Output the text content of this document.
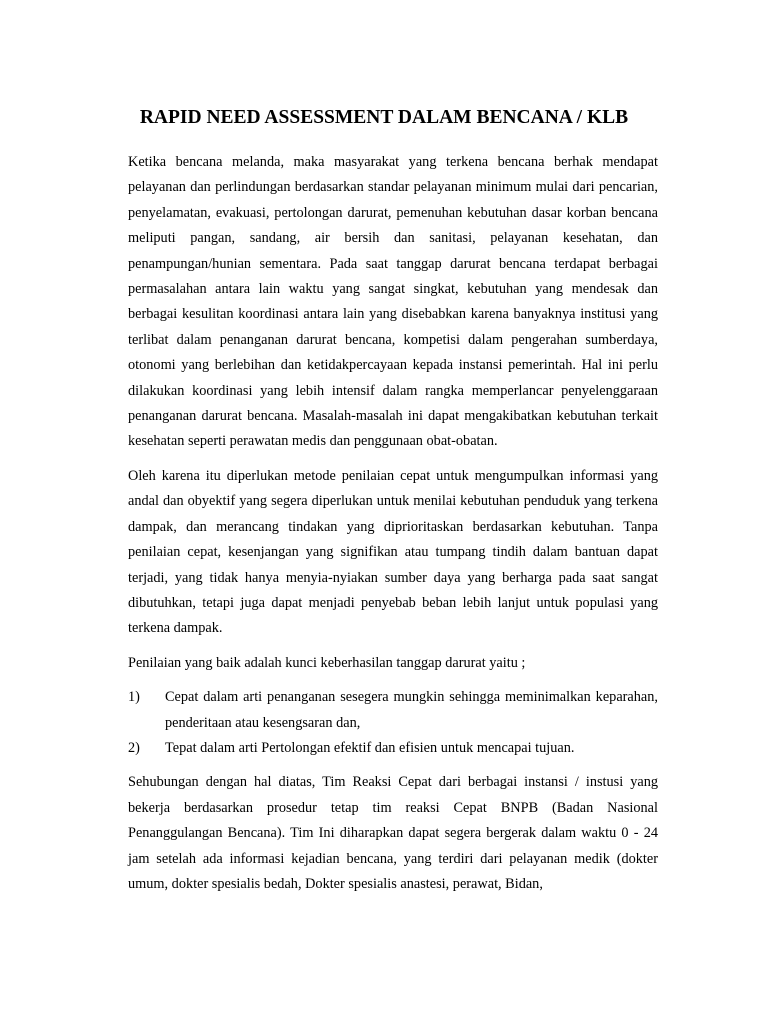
RAPID NEED ASSESSMENT DALAM BENCANA / KLB

Ketika bencana melanda, maka masyarakat yang terkena bencana berhak mendapat pelayanan dan perlindungan berdasarkan standar pelayanan minimum mulai dari pencarian, penyelamatan, evakuasi, pertolongan darurat, pemenuhan kebutuhan dasar korban bencana meliputi pangan, sandang, air bersih dan sanitasi, pelayanan kesehatan, dan penampungan/hunian sementara. Pada saat tanggap darurat bencana terdapat berbagai permasalahan antara lain waktu yang sangat singkat, kebutuhan yang mendesak dan berbagai kesulitan koordinasi antara lain yang disebabkan karena banyaknya institusi yang terlibat dalam penanganan darurat bencana, kompetisi dalam pengerahan sumberdaya, otonomi yang berlebihan dan ketidakpercayaan kepada instansi pemerintah. Hal ini perlu dilakukan koordinasi yang lebih intensif dalam rangka memperlancar penyelenggaraan penanganan darurat bencana. Masalah-masalah ini dapat mengakibatkan kebutuhan terkait kesehatan seperti perawatan medis dan penggunaan obat-obatan.

Oleh karena itu diperlukan metode penilaian cepat untuk mengumpulkan informasi yang andal dan obyektif yang segera diperlukan untuk menilai kebutuhan penduduk yang terkena dampak, dan merancang tindakan yang diprioritaskan berdasarkan kebutuhan. Tanpa penilaian cepat, kesenjangan yang signifikan atau tumpang tindih dalam bantuan dapat terjadi, yang tidak hanya menyia-nyiakan sumber daya yang berharga pada saat sangat dibutuhkan, tetapi juga dapat menjadi penyebab beban lebih lanjut untuk populasi yang terkena dampak.

Penilaian yang baik adalah kunci keberhasilan tanggap darurat yaitu ;

1)	Cepat dalam arti penanganan sesegera mungkin sehingga meminimalkan keparahan, penderitaan atau kesengsaran dan,
2)	Tepat dalam arti Pertolongan efektif dan efisien untuk mencapai tujuan.

Sehubungan dengan hal diatas, Tim Reaksi Cepat dari berbagai instansi / instusi yang bekerja berdasarkan prosedur tetap tim reaksi Cepat BNPB (Badan Nasional Penanggulangan Bencana). Tim Ini diharapkan dapat segera bergerak dalam waktu 0 - 24 jam setelah ada informasi kejadian bencana, yang terdiri dari pelayanan medik (dokter umum, dokter spesialis bedah, Dokter spesialis anastesi, perawat, Bidan,
